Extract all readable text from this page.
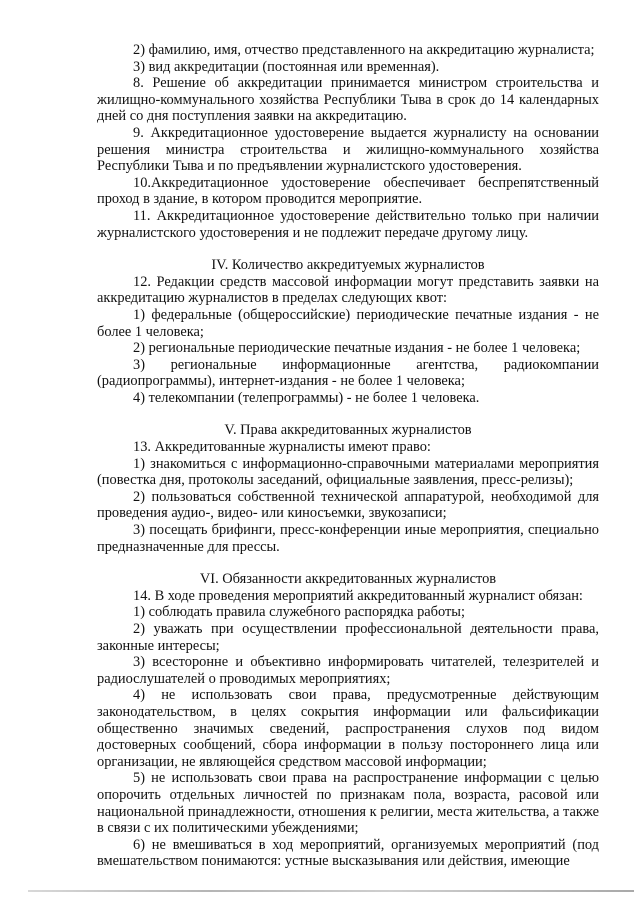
2) фамилию, имя, отчество представленного на аккредитацию журналиста;

3) вид аккредитации (постоянная или временная).

8. Решение об аккредитации принимается министром строительства и жилищно-коммунального хозяйства Республики Тыва в срок до 14 календарных дней со дня поступления заявки на аккредитацию.

9. Аккредитационное удостоверение выдается журналисту на основании решения министра строительства и жилищно-коммунального хозяйства Республики Тыва и по предъявлении журналистского удостоверения.

10.Аккредитационное удостоверение обеспечивает беспрепятственный проход в здание, в котором проводится мероприятие.

11. Аккредитационное удостоверение действительно только при наличии журналистского удостоверения и не подлежит передаче другому лицу.

IV. Количество аккредитуемых журналистов

12. Редакции средств массовой информации могут представить заявки на аккредитацию журналистов в пределах следующих квот:

1) федеральные (общероссийские) периодические печатные издания - не более 1 человека;

2) региональные периодические печатные издания - не более 1 человека;

3) региональные информационные агентства, радиокомпании (радиопрограммы), интернет-издания - не более 1 человека;

4) телекомпании (телепрограммы) - не более 1 человека.

V. Права аккредитованных журналистов

13. Аккредитованные журналисты имеют право:

1) знакомиться с информационно-справочными материалами мероприятия (повестка дня, протоколы заседаний, официальные заявления, пресс-релизы);

2) пользоваться собственной технической аппаратурой, необходимой для проведения аудио-, видео- или киносъемки, звукозаписи;

3) посещать брифинги, пресс-конференции иные мероприятия, специально предназначенные для прессы.

VI. Обязанности аккредитованных журналистов

14. В ходе проведения мероприятий аккредитованный журналист обязан:

1) соблюдать правила служебного распорядка работы;

2) уважать при осуществлении профессиональной деятельности права, законные интересы;

3) всесторонне и объективно информировать читателей, телезрителей и радиослушателей о проводимых мероприятиях;

4) не использовать свои права, предусмотренные действующим законодательством, в целях сокрытия информации или фальсификации общественно значимых сведений, распространения слухов под видом достоверных сообщений, сбора информации в пользу постороннего лица или организации, не являющейся средством массовой информации;

5) не использовать свои права на распространение информации с целью опорочить отдельных личностей по признакам пола, возраста, расовой или национальной принадлежности, отношения к религии, места жительства, а также в связи с их политическими убеждениями;

6) не вмешиваться в ход мероприятий, организуемых мероприятий (под вмешательством понимаются: устные высказывания или действия, имеющие
